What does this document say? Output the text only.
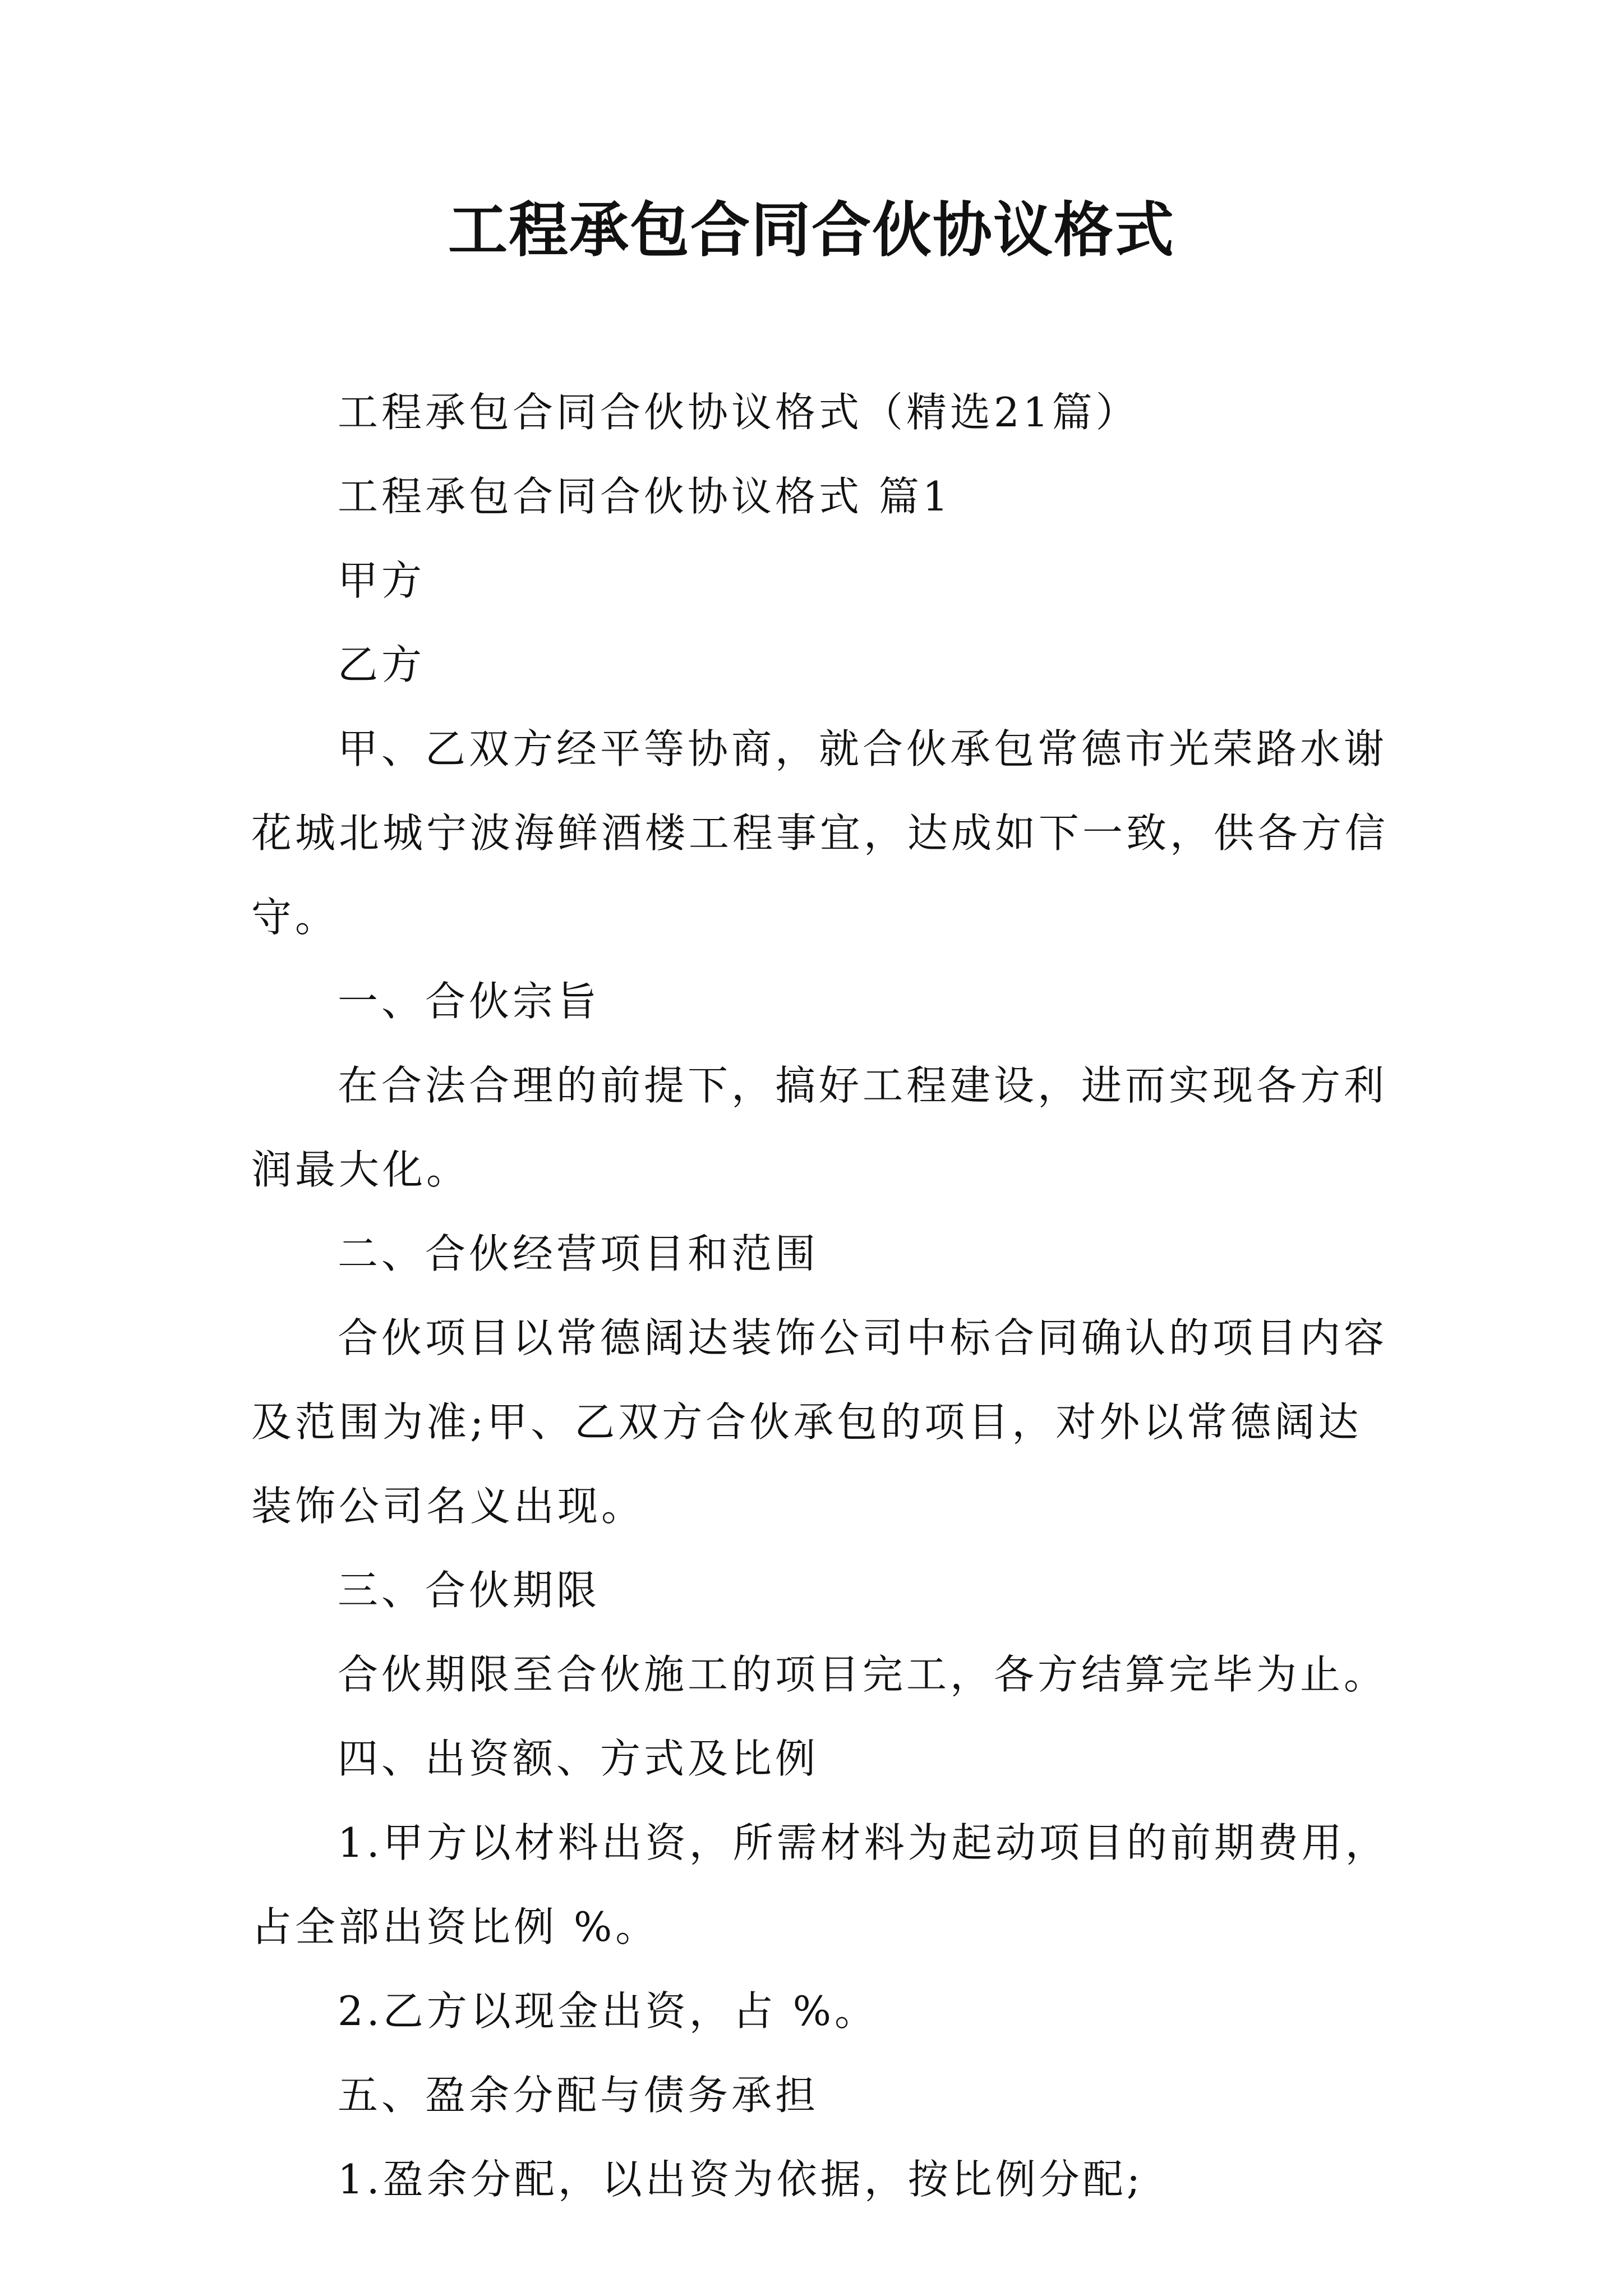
工程承包合同合伙协议格式

工程承包合同合伙协议格式（精选21篇）

工程承包合同合伙协议格式 篇1

甲方

乙方

甲、乙双方经平等协商，就合伙承包常德市光荣路水谢花城北城宁波海鲜酒楼工程事宜，达成如下一致，供各方信守。

一、合伙宗旨

在合法合理的前提下，搞好工程建设，进而实现各方利润最大化。

二、合伙经营项目和范围

合伙项目以常德阔达装饰公司中标合同确认的项目内容及范围为准;甲、乙双方合伙承包的项目，对外以常德阔达装饰公司名义出现。

三、合伙期限

合伙期限至合伙施工的项目完工，各方结算完毕为止。

四、出资额、方式及比例

1.甲方以材料出资，所需材料为起动项目的前期费用，占全部出资比例 %。

2.乙方以现金出资，占 %。

五、盈余分配与债务承担

1.盈余分配，以出资为依据，按比例分配;
